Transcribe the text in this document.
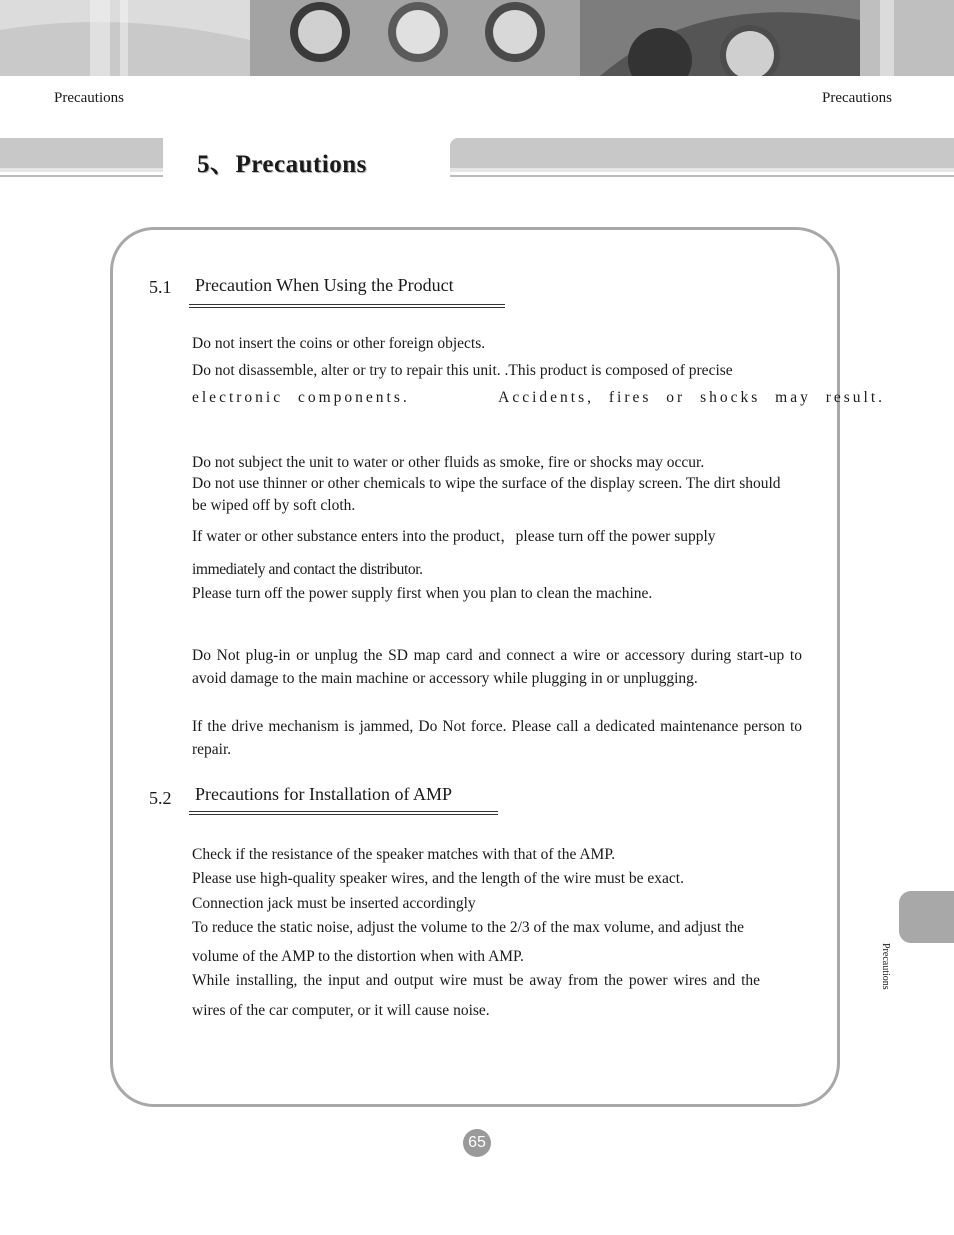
Precautions	Precautions
5、Precautions
5.1 Precaution When Using the Product

Do not insert the coins or other foreign objects.

Do not disassemble, alter or try to repair this unit. .This product is composed of precise

electronic components.      Accidents, fires or shocks may result.

Do not subject the unit to water or other fluids as smoke, fire or shocks may occur.

Do not use thinner or other chemicals to wipe the surface of the display screen. The dirt should be wiped off by soft cloth.

If water or other substance enters into the product，please turn off the power supply

immediately and contact the distributor.

Please turn off the power supply first when you plan to clean the machine.

Do Not plug-in or unplug the SD map card and connect a wire or accessory during start-up to avoid damage to the main machine or accessory while plugging in or unplugging.

If the drive mechanism is jammed, Do Not force. Please call a dedicated maintenance person to repair.

5.2 Precautions for Installation of AMP

Check if the resistance of the speaker matches with that of the AMP.

Please use high-quality speaker wires, and the length of the wire must be exact.

Connection jack must be inserted accordingly

To reduce the static noise, adjust the volume to the 2/3 of the max volume, and adjust the

volume of the AMP to the distortion when with AMP.

While installing, the input and output wire must be away from the power wires and the

wires of the car computer, or it will cause noise.

Precautions
65
